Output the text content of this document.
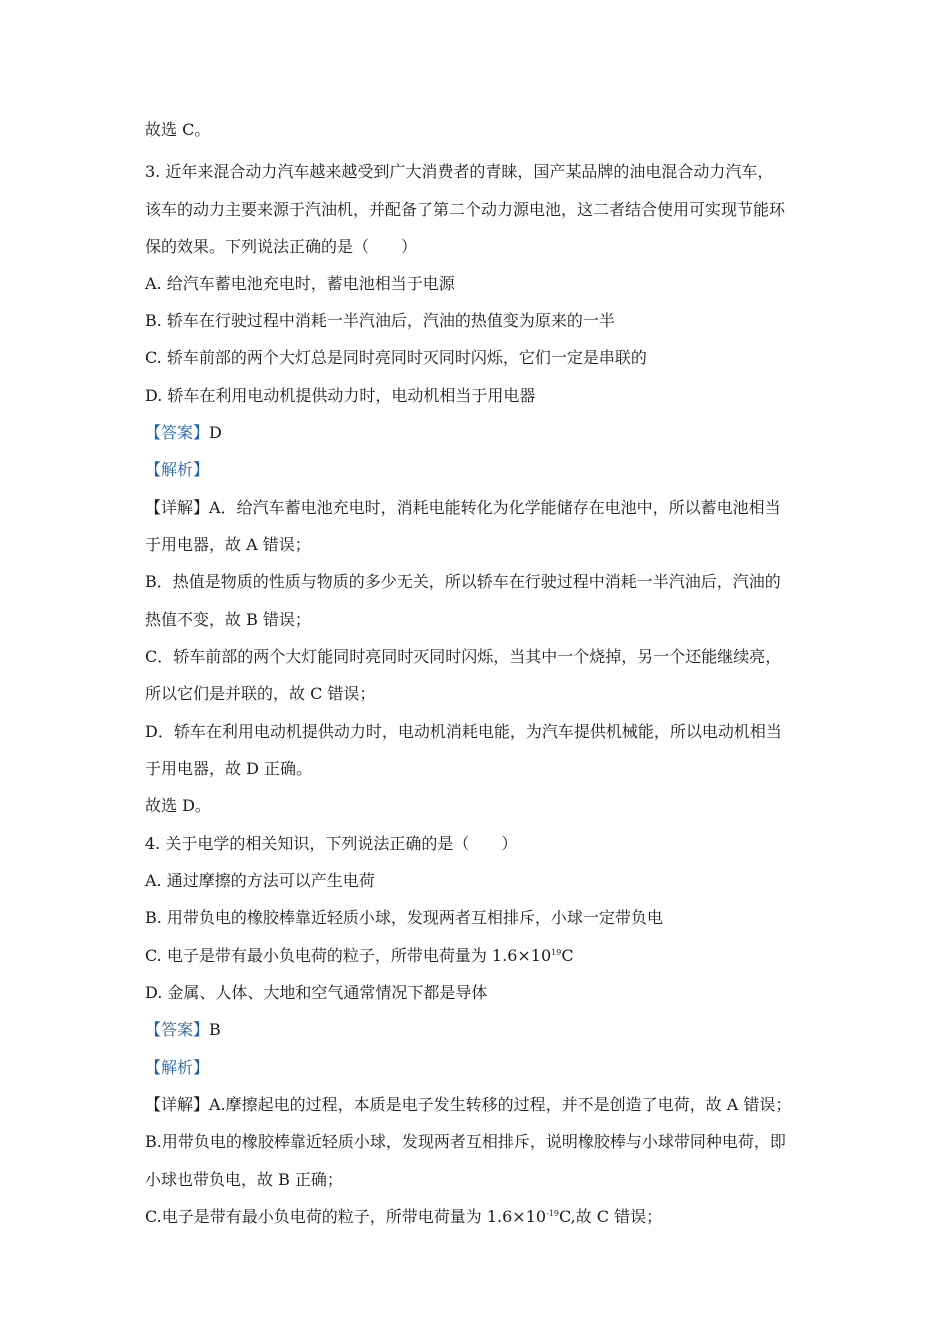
故选 C。
3. 近年来混合动力汽车越来越受到广大消费者的青睐，国产某品牌的油电混合动力汽车，
该车的动力主要来源于汽油机，并配备了第二个动力源电池，这二者结合使用可实现节能环
保的效果。下列说法正确的是（　　）
A. 给汽车蓄电池充电时，蓄电池相当于电源
B. 轿车在行驶过程中消耗一半汽油后，汽油的热值变为原来的一半
C. 轿车前部的两个大灯总是同时亮同时灭同时闪烁，它们一定是串联的
D. 轿车在利用电动机提供动力时，电动机相当于用电器
【答案】D
【解析】
【详解】A．给汽车蓄电池充电时，消耗电能转化为化学能储存在电池中，所以蓄电池相当
于用电器，故 A 错误；
B．热值是物质的性质与物质的多少无关，所以轿车在行驶过程中消耗一半汽油后，汽油的
热值不变，故 B 错误；
C．轿车前部的两个大灯能同时亮同时灭同时闪烁，当其中一个烧掉，另一个还能继续亮，
所以它们是并联的，故 C 错误；
D．轿车在利用电动机提供动力时，电动机消耗电能，为汽车提供机械能，所以电动机相当
于用电器，故 D 正确。
故选 D。
4. 关于电学的相关知识，下列说法正确的是（　　）
A. 通过摩擦的方法可以产生电荷
B. 用带负电的橡胶棒靠近轻质小球，发现两者互相排斥，小球一定带负电
C. 电子是带有最小负电荷的粒子，所带电荷量为 $1.6\times 10^{19}C$
D. 金属、人体、大地和空气通常情况下都是导体
【答案】B
【解析】
【详解】A.摩擦起电的过程，本质是电子发生转移的过程，并不是创造了电荷，故 A 错误；
B.用带负电的橡胶棒靠近轻质小球，发现两者互相排斥，说明橡胶棒与小球带同种电荷，即
小球也带负电，故 B 正确；
C.电子是带有最小负电荷的粒子，所带电荷量为 $1.6\times 10^{-19}C$,故 C 错误；
